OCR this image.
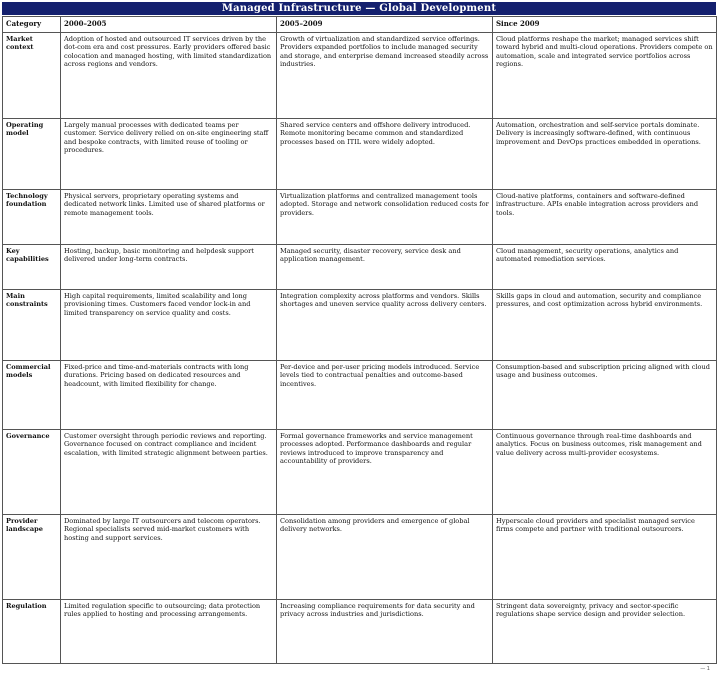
Managed Infrastructure — Global Development
Category	2000–2005	2005–2009	Since 2009
Market context	Adoption of hosted and outsourced IT services driven by the dot-com era and cost pressures. Early providers offered basic colocation and managed hosting, with limited standardization across regions and vendors.	Growth of virtualization and standardized service offerings. Providers expanded portfolios to include managed security and storage, and enterprise demand increased steadily across industries.	Cloud platforms reshape the market; managed services shift toward hybrid and multi-cloud operations. Providers compete on automation, scale and integrated service portfolios across regions.
Operating model	Largely manual processes with dedicated teams per customer. Service delivery relied on on-site engineering staff and bespoke contracts, with limited reuse of tooling or procedures.	Shared service centers and offshore delivery introduced. Remote monitoring became common and standardized processes based on ITIL were widely adopted.	Automation, orchestration and self-service portals dominate. Delivery is increasingly software-defined, with continuous improvement and DevOps practices embedded in operations.
Technology foundation	Physical servers, proprietary operating systems and dedicated network links. Limited use of shared platforms or remote management tools.	Virtualization platforms and centralized management tools adopted. Storage and network consolidation reduced costs for providers.	Cloud-native platforms, containers and software-defined infrastructure. APIs enable integration across providers and tools.
Key capabilities	Hosting, backup, basic monitoring and helpdesk support delivered under long-term contracts.	Managed security, disaster recovery, service desk and application management.	Cloud management, security operations, analytics and automated remediation services.
Main constraints	High capital requirements, limited scalability and long provisioning times. Customers faced vendor lock-in and limited transparency on service quality and costs.	Integration complexity across platforms and vendors. Skills shortages and uneven service quality across delivery centers.	Skills gaps in cloud and automation, security and compliance pressures, and cost optimization across hybrid environments.
Commercial models	Fixed-price and time-and-materials contracts with long durations. Pricing based on dedicated resources and headcount, with limited flexibility for change.	Per-device and per-user pricing models introduced. Service levels tied to contractual penalties and outcome-based incentives.	Consumption-based and subscription pricing aligned with cloud usage and business outcomes.
Governance	Customer oversight through periodic reviews and reporting. Governance focused on contract compliance and incident escalation, with limited strategic alignment between parties.	Formal governance frameworks and service management processes adopted. Performance dashboards and regular reviews introduced to improve transparency and accountability of providers.	Continuous governance through real-time dashboards and analytics. Focus on business outcomes, risk management and value delivery across multi-provider ecosystems.
Provider landscape	Dominated by large IT outsourcers and telecom operators. Regional specialists served mid-market customers with hosting and support services.	Consolidation among providers and emergence of global delivery networks.	Hyperscale cloud providers and specialist managed service firms compete and partner with traditional outsourcers.
Regulation	Limited regulation specific to outsourcing; data protection rules applied to hosting and processing arrangements.	Increasing compliance requirements for data security and privacy across industries and jurisdictions.	Stringent data sovereignty, privacy and sector-specific regulations shape service design and provider selection.
— 1
